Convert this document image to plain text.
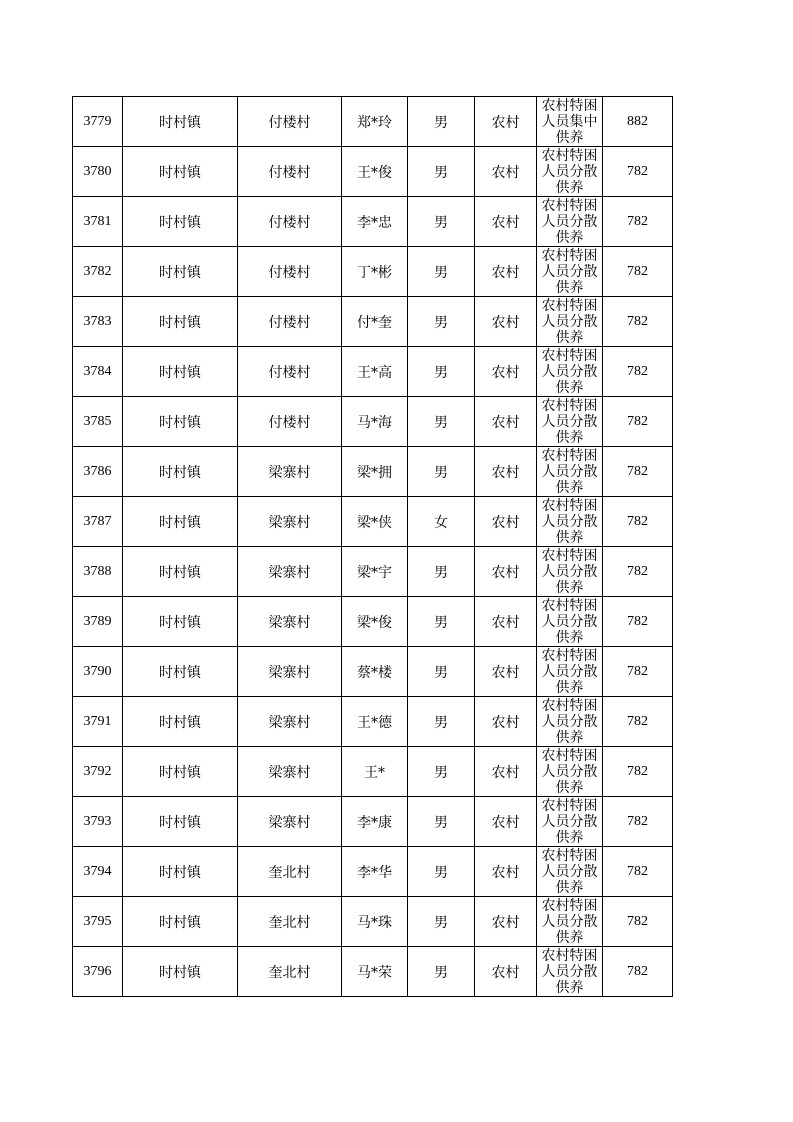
3779	时村镇	付楼村	郑*玲	男	农村	农村特困
人员集中
供养	882
3780	时村镇	付楼村	王*俊	男	农村	农村特困
人员分散
供养	782
3781	时村镇	付楼村	李*忠	男	农村	农村特困
人员分散
供养	782
3782	时村镇	付楼村	丁*彬	男	农村	农村特困
人员分散
供养	782
3783	时村镇	付楼村	付*奎	男	农村	农村特困
人员分散
供养	782
3784	时村镇	付楼村	王*高	男	农村	农村特困
人员分散
供养	782
3785	时村镇	付楼村	马*海	男	农村	农村特困
人员分散
供养	782
3786	时村镇	梁寨村	梁*拥	男	农村	农村特困
人员分散
供养	782
3787	时村镇	梁寨村	梁*侠	女	农村	农村特困
人员分散
供养	782
3788	时村镇	梁寨村	梁*宇	男	农村	农村特困
人员分散
供养	782
3789	时村镇	梁寨村	梁*俊	男	农村	农村特困
人员分散
供养	782
3790	时村镇	梁寨村	蔡*楼	男	农村	农村特困
人员分散
供养	782
3791	时村镇	梁寨村	王*德	男	农村	农村特困
人员分散
供养	782
3792	时村镇	梁寨村	王*	男	农村	农村特困
人员分散
供养	782
3793	时村镇	梁寨村	李*康	男	农村	农村特困
人员分散
供养	782
3794	时村镇	奎北村	李*华	男	农村	农村特困
人员分散
供养	782
3795	时村镇	奎北村	马*珠	男	农村	农村特困
人员分散
供养	782
3796	时村镇	奎北村	马*荣	男	农村	农村特困
人员分散
供养	782
